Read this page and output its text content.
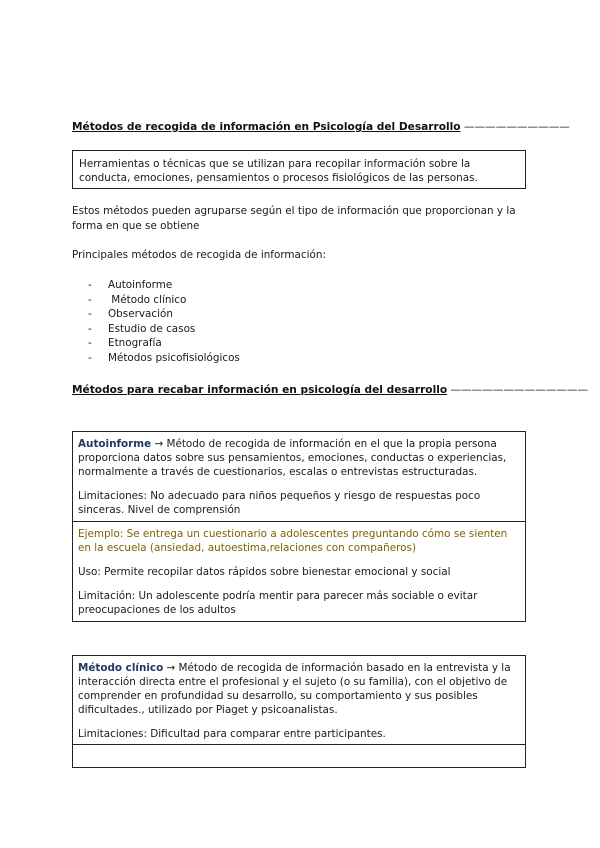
Métodos de recogida de información en Psicología del Desarrollo ——————————

Herramientas o técnicas que se utilizan para recopilar información sobre la conducta, emociones, pensamientos o procesos fisiológicos de las personas.

Estos métodos pueden agruparse según el tipo de información que proporcionan y la forma en que se obtiene

Principales métodos de recogida de información:

- Autoinforme
- Método clínico
- Observación
- Estudio de casos
- Etnografía
- Métodos psicofisiológicos
Métodos para recabar información en psicología del desarrollo —————————————

Autoinforme → Método de recogida de información en el que la propia persona proporciona datos sobre sus pensamientos, emociones, conductas o experiencias, normalmente a través de cuestionarios, escalas o entrevistas estructuradas.

Limitaciones: No adecuado para niños pequeños y riesgo de respuestas poco sinceras. Nivel de comprensión

Ejemplo: Se entrega un cuestionario a adolescentes preguntando cómo se sienten en la escuela (ansiedad, autoestima,relaciones con compañeros)

Uso: Permite recopilar datos rápidos sobre bienestar emocional y social

Limitación: Un adolescente podría mentir para parecer más sociable o evitar preocupaciones de los adultos

Método clínico → Método de recogida de información basado en la entrevista y la interacción directa entre el profesional y el sujeto (o su familia), con el objetivo de comprender en profundidad su desarrollo, su comportamiento y sus posibles dificultades., utilizado por Piaget y psicoanalistas.

Limitaciones: Dificultad para comparar entre participantes.
